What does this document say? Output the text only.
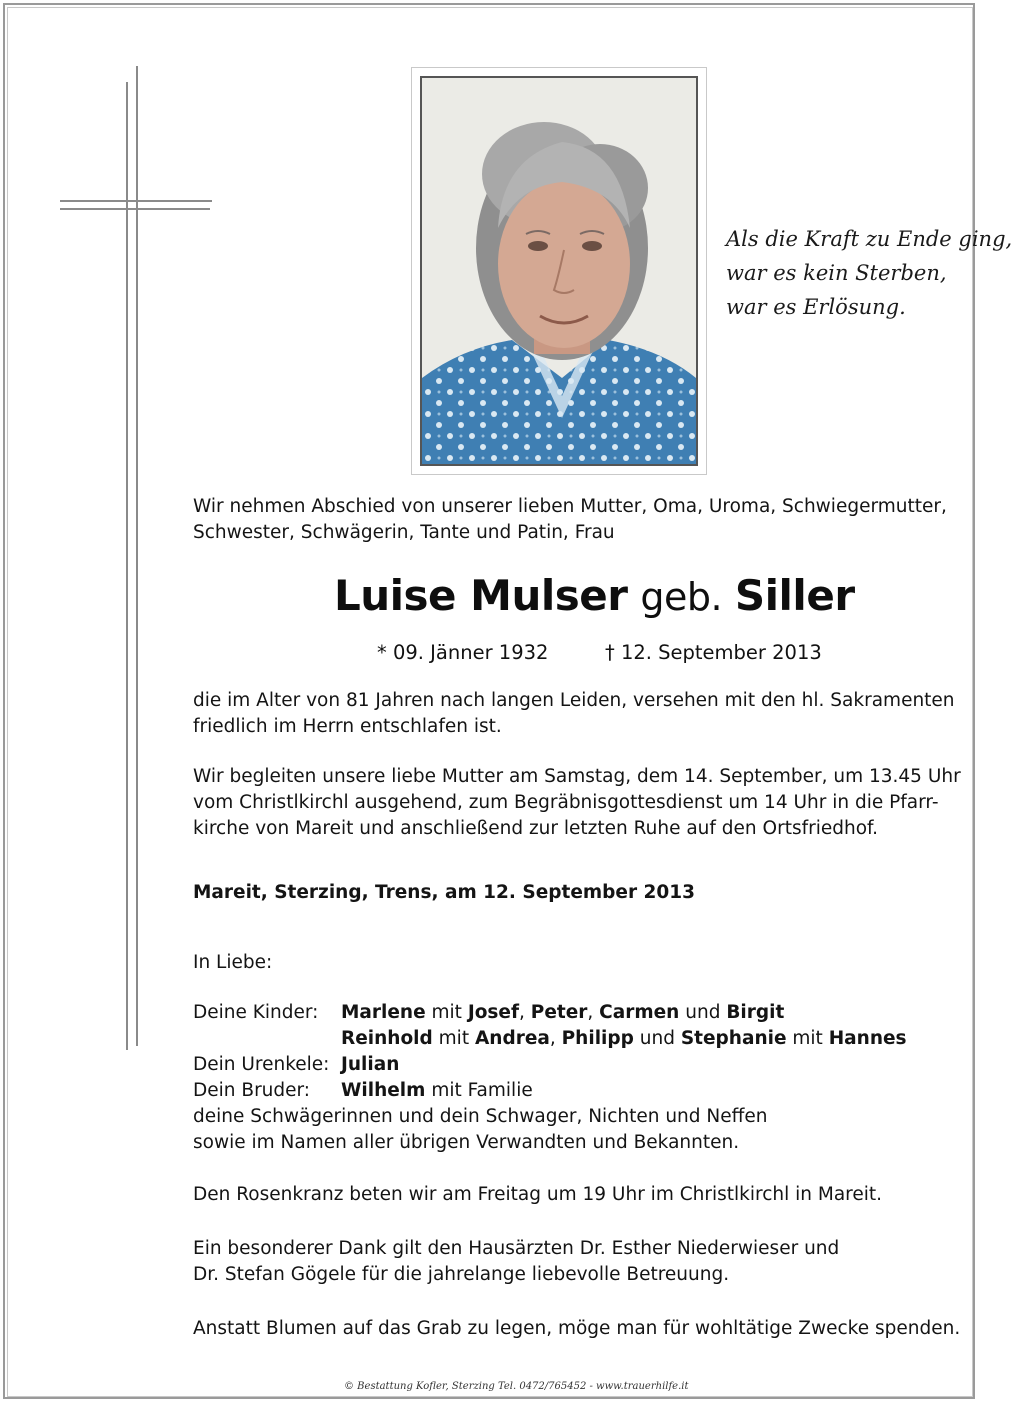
Als die Kraft zu Ende ging,
war es kein Sterben,
war es Erlösung.
Wir nehmen Abschied von unserer lieben Mutter, Oma, Uroma, Schwiegermutter,
Schwester, Schwägerin, Tante und Patin, Frau
Luise Mulser geb. Siller
* 09. Jänner 1932	† 12. September 2013
die im Alter von 81 Jahren nach langen Leiden, versehen mit den hl. Sakramenten
friedlich im Herrn entschlafen ist.
Wir begleiten unsere liebe Mutter am Samstag, dem 14. September, um 13.45 Uhr
vom Christlkirchl ausgehend, zum Begräbnisgottesdienst um 14 Uhr in die Pfarr-
kirche von Mareit und anschließend zur letzten Ruhe auf den Ortsfriedhof.
Mareit, Sterzing, Trens, am 12. September 2013
In Liebe:
Deine Kinder: Marlene mit Josef, Peter, Carmen und Birgit
Reinhold mit Andrea, Philipp und Stephanie mit Hannes
Dein Urenkele: Julian
Dein Bruder: Wilhelm mit Familie
deine Schwägerinnen und dein Schwager, Nichten und Neffen
sowie im Namen aller übrigen Verwandten und Bekannten.
Den Rosenkranz beten wir am Freitag um 19 Uhr im Christlkirchl in Mareit.
Ein besonderer Dank gilt den Hausärzten Dr. Esther Niederwieser und
Dr. Stefan Gögele für die jahrelange liebevolle Betreuung.
Anstatt Blumen auf das Grab zu legen, möge man für wohltätige Zwecke spenden.
© Bestattung Kofler, Sterzing Tel. 0472/765452 - www.trauerhilfe.it
